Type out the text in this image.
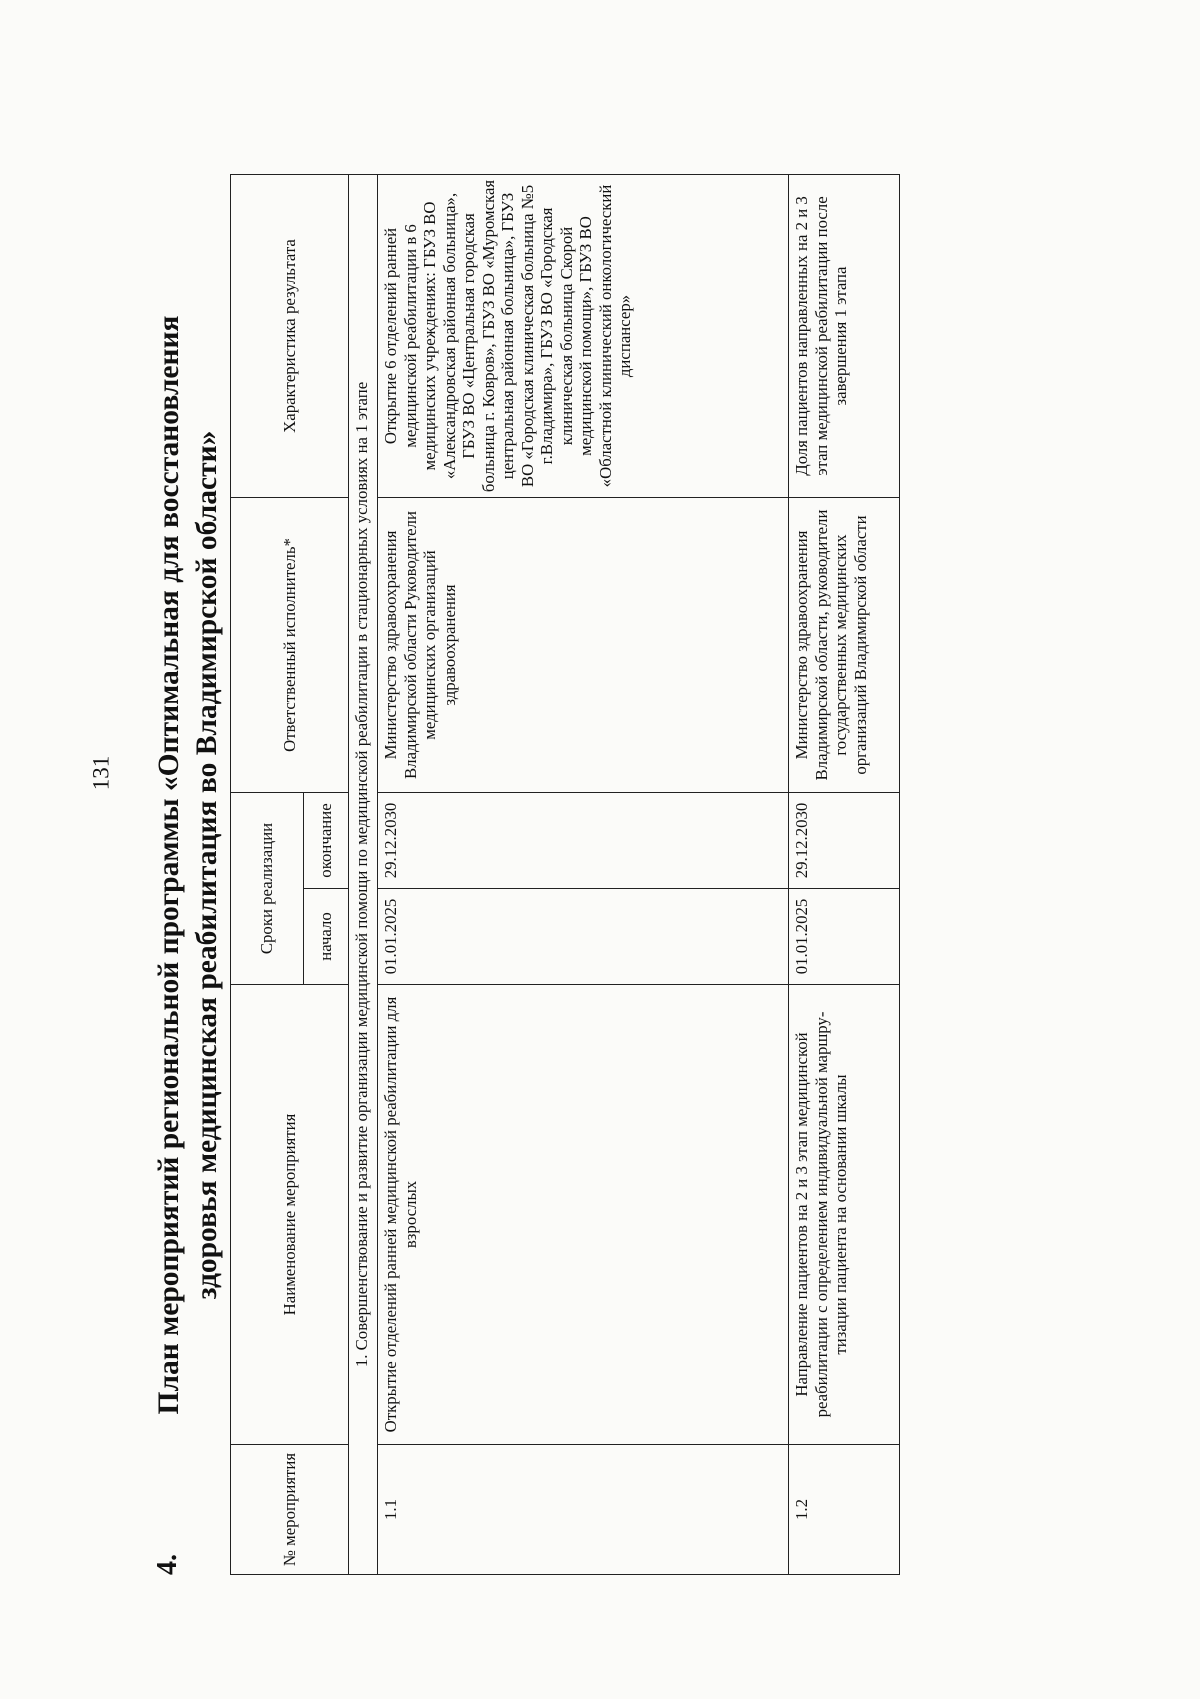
131
4.
План мероприятий региональной программы «Оптимальная для восстановления здоровья медицинская реабилитация во Владимирской области»
№ мероприятия	Наименование мероприятия	Сроки реализации		Ответственный исполнитель*	Характеристика результата
		начало	окончание		
1. Совершенствование и развитие организации медицинской помощи по медицинской реабилитации в стационарных условиях на 1 этапе					
1.1	Открытие отделений ранней медицинской реабилитации для взрослых	01.01.2025	29.12.2030	Министерство здравоохранения Владимирской области Руководители медицинских организаций здравоохранения	Открытие 6 отделений ранней медицинской реабилитации в 6 медицинских учреждениях: ГБУЗ ВО «Александровская районная больница», ГБУЗ ВО «Центральная городская больница г. Ковров», ГБУЗ ВО «Муромская центральная районная больница», ГБУЗ ВО «Городская клиническая больница №5 г.Владимира», ГБУЗ ВО «Городская клиническая больница Скорой медицинской помощи», ГБУЗ ВО «Областной клинический онкологический диспансер»
1.2	Направление пациентов на 2 и 3 этап медицинской реабилитации с определением индивидуальной маршру-тизации пациента на основании шкалы	01.01.2025	29.12.2030	Министерство здравоохранения Владимирской области, руководители государственных медицинских организаций Владимирской области	Доля пациентов направленных на 2 и 3 этап медицинской реабилитации после завершения 1 этапа
